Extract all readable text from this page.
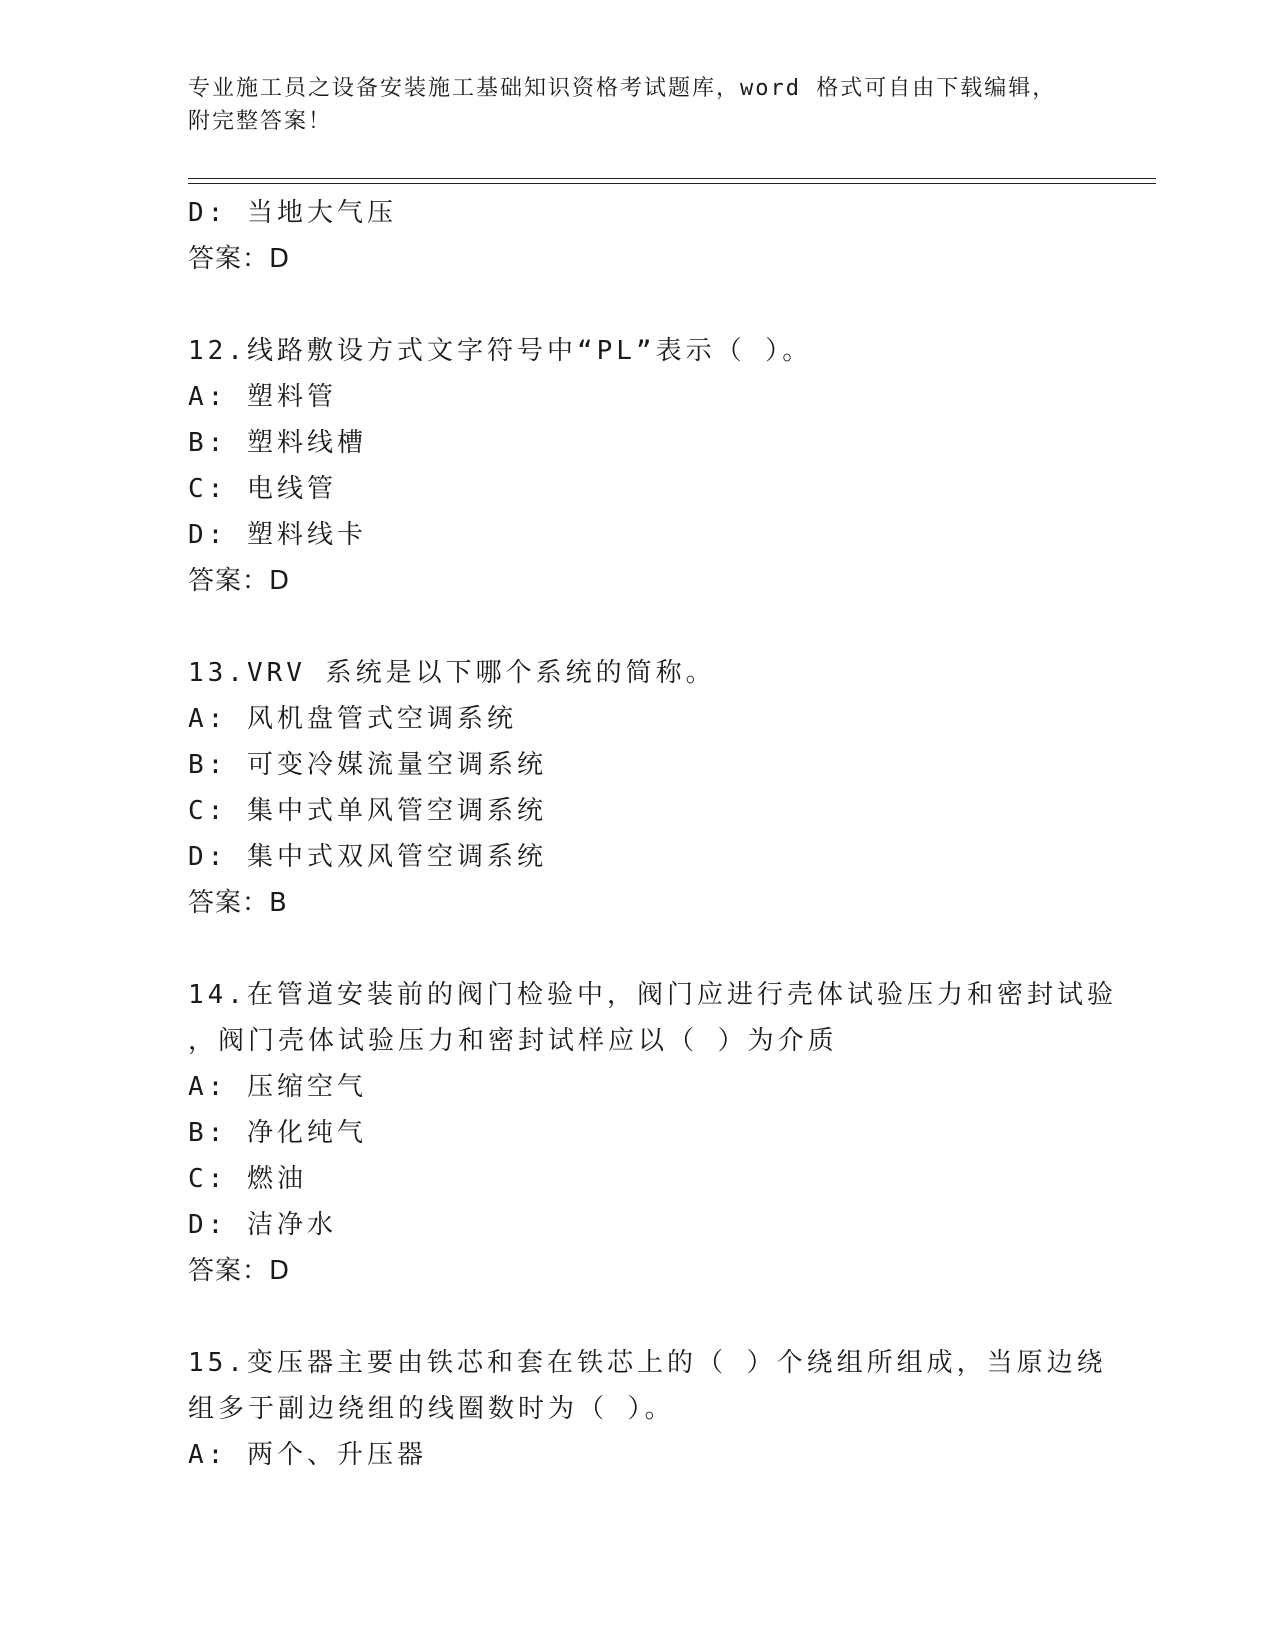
专业施工员之设备安装施工基础知识资格考试题库，word 格式可自由下载编辑，
附完整答案！
D: 当地大气压
答案：D
12.线路敷设方式文字符号中“PL”表示（ ）。
A: 塑料管
B: 塑料线槽
C: 电线管
D: 塑料线卡
答案：D
13.VRV 系统是以下哪个系统的简称。
A: 风机盘管式空调系统
B: 可变冷媒流量空调系统
C: 集中式单风管空调系统
D: 集中式双风管空调系统
答案：B
14.在管道安装前的阀门检验中，阀门应进行壳体试验压力和密封试验
，阀门壳体试验压力和密封试样应以（ ）为介质
A: 压缩空气
B: 净化纯气
C: 燃油
D: 洁净水
答案：D
15.变压器主要由铁芯和套在铁芯上的（ ）个绕组所组成，当原边绕
组多于副边绕组的线圈数时为（ ）。
A: 两个、升压器
